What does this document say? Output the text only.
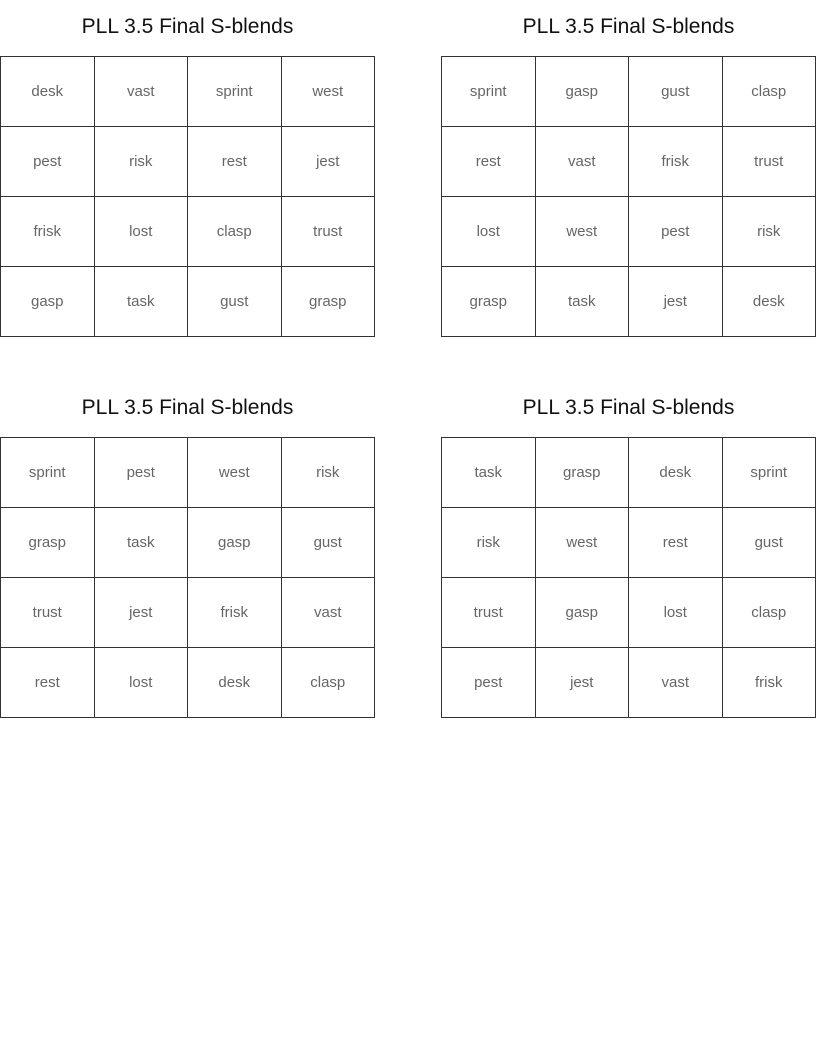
PLL 3.5 Final S-blends
desk	vast	sprint	west
pest	risk	rest	jest
frisk	lost	clasp	trust
gasp	task	gust	grasp
PLL 3.5 Final S-blends
sprint	gasp	gust	clasp
rest	vast	frisk	trust
lost	west	pest	risk
grasp	task	jest	desk
PLL 3.5 Final S-blends
sprint	pest	west	risk
grasp	task	gasp	gust
trust	jest	frisk	vast
rest	lost	desk	clasp
PLL 3.5 Final S-blends
task	grasp	desk	sprint
risk	west	rest	gust
trust	gasp	lost	clasp
pest	jest	vast	frisk
